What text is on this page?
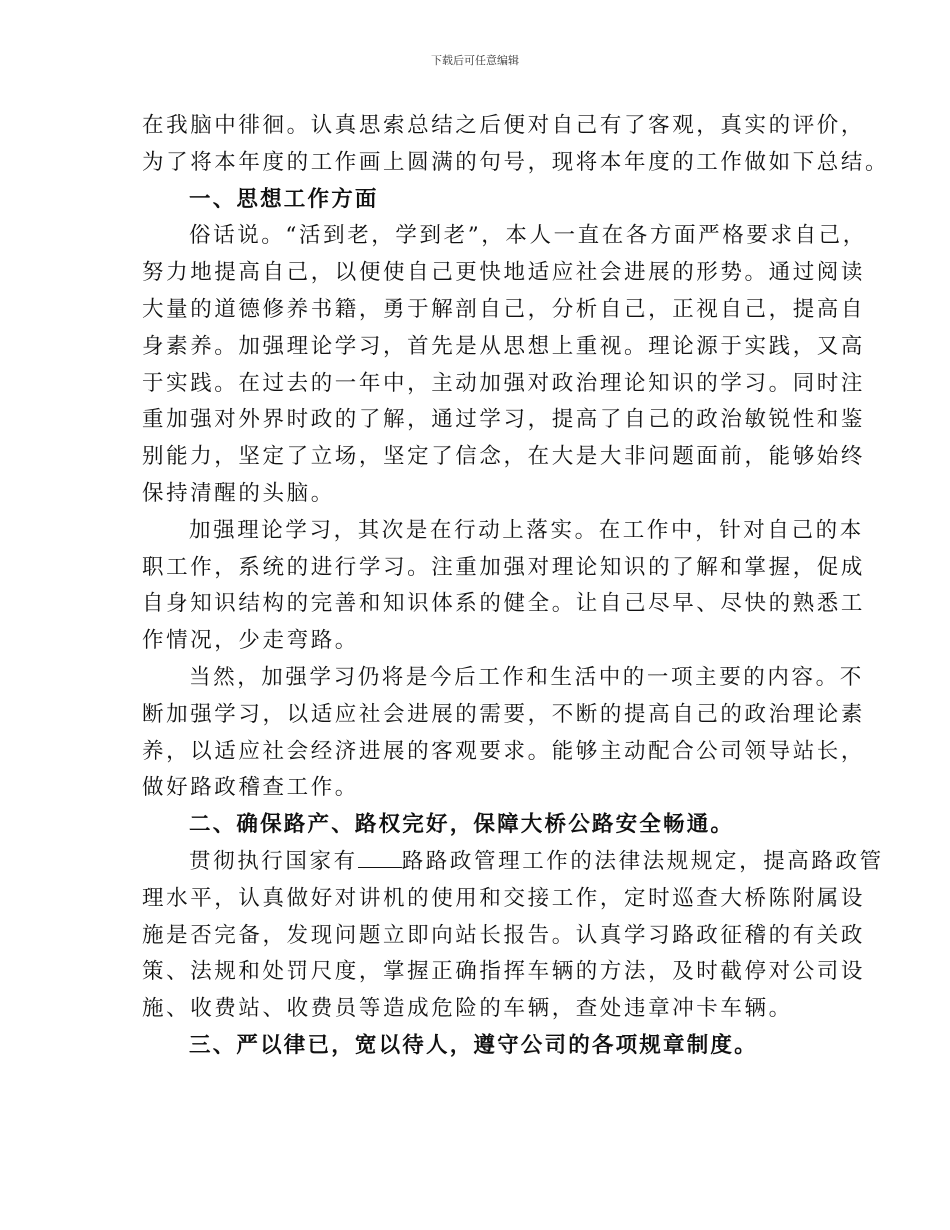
下载后可任意编辑
在我脑中徘徊。认真思索总结之后便对自己有了客观，真实的评价，
为了将本年度的工作画上圆满的句号，现将本年度的工作做如下总结。
一、思想工作方面
俗话说。“活到老，学到老”，本人一直在各方面严格要求自己，
努力地提高自己，以便使自己更快地适应社会进展的形势。通过阅读
大量的道德修养书籍，勇于解剖自己，分析自己，正视自己，提高自
身素养。加强理论学习，首先是从思想上重视。理论源于实践，又高
于实践。在过去的一年中，主动加强对政治理论知识的学习。同时注
重加强对外界时政的了解，通过学习，提高了自己的政治敏锐性和鉴
别能力，坚定了立场，坚定了信念，在大是大非问题面前，能够始终
保持清醒的头脑。
加强理论学习，其次是在行动上落实。在工作中，针对自己的本
职工作，系统的进行学习。注重加强对理论知识的了解和掌握，促成
自身知识结构的完善和知识体系的健全。让自己尽早、尽快的熟悉工
作情况，少走弯路。
当然，加强学习仍将是今后工作和生活中的一项主要的内容。不
断加强学习，以适应社会进展的需要，不断的提高自己的政治理论素
养，以适应社会经济进展的客观要求。能够主动配合公司领导站长，
做好路政稽查工作。
二、确保路产、路权完好，保障大桥公路安全畅通。
贯彻执行国家有 路路政管理工作的法律法规规定，提高路政管
理水平，认真做好对讲机的使用和交接工作，定时巡查大桥陈附属设
施是否完备，发现问题立即向站长报告。认真学习路政征稽的有关政
策、法规和处罚尺度，掌握正确指挥车辆的方法，及时截停对公司设
施、收费站、收费员等造成危险的车辆，查处违章冲卡车辆。
三、严以律已，宽以待人，遵守公司的各项规章制度。
